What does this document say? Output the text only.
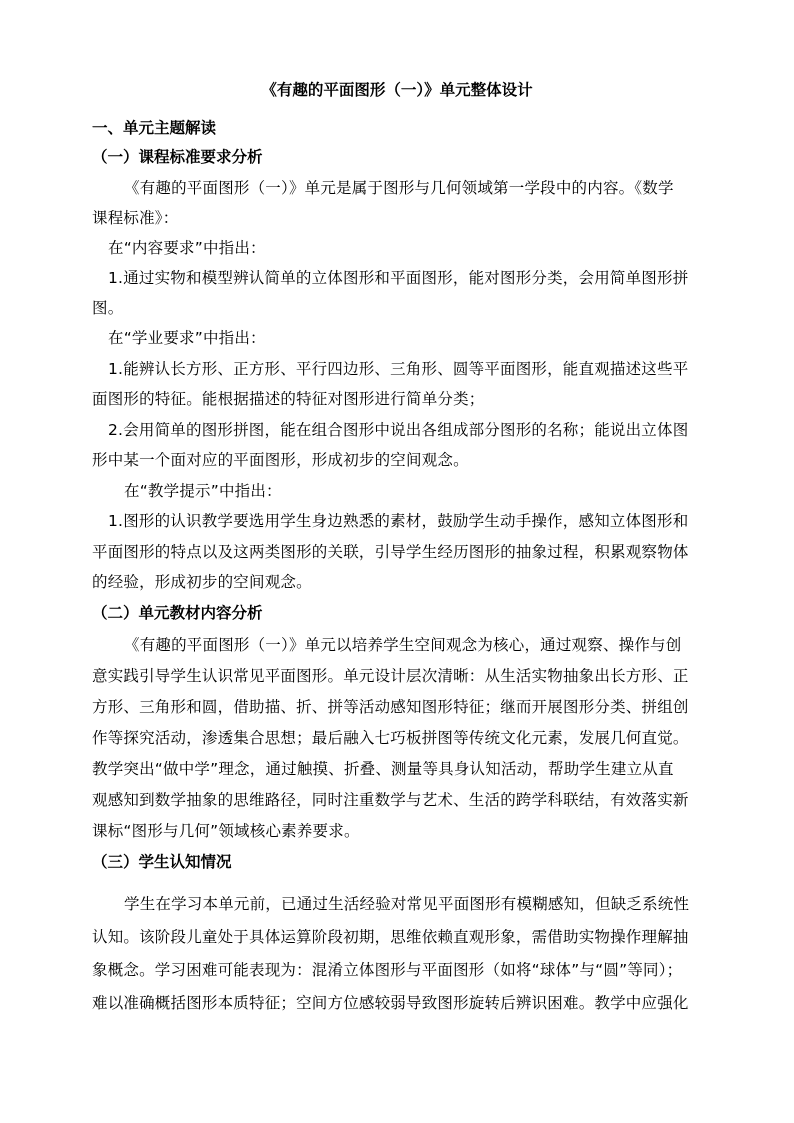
《有趣的平面图形（一）》单元整体设计
一、单元主题解读
（一）课程标准要求分析
《有趣的平面图形（一）》单元是属于图形与几何领域第一学段中的内容。《数学
课程标准》：
在“内容要求”中指出：
1.通过实物和模型辨认简单的立体图形和平面图形，能对图形分类，会用简单图形拼
图。
在“学业要求”中指出：
1.能辨认长方形、正方形、平行四边形、三角形、圆等平面图形，能直观描述这些平
面图形的特征。能根据描述的特征对图形进行简单分类；
2.会用简单的图形拼图，能在组合图形中说出各组成部分图形的名称；能说出立体图
形中某一个面对应的平面图形，形成初步的空间观念。
在“教学提示”中指出：
1.图形的认识教学要选用学生身边熟悉的素材，鼓励学生动手操作，感知立体图形和
平面图形的特点以及这两类图形的关联，引导学生经历图形的抽象过程，积累观察物体
的经验，形成初步的空间观念。
（二）单元教材内容分析
《有趣的平面图形（一）》单元以培养学生空间观念为核心，通过观察、操作与创
意实践引导学生认识常见平面图形。单元设计层次清晰：从生活实物抽象出长方形、正
方形、三角形和圆，借助描、折、拼等活动感知图形特征；继而开展图形分类、拼组创
作等探究活动，渗透集合思想；最后融入七巧板拼图等传统文化元素，发展几何直觉。
教学突出“做中学”理念，通过触摸、折叠、测量等具身认知活动，帮助学生建立从直
观感知到数学抽象的思维路径，同时注重数学与艺术、生活的跨学科联结，有效落实新
课标“图形与几何”领域核心素养要求。
（三）学生认知情况
学生在学习本单元前，已通过生活经验对常见平面图形有模糊感知，但缺乏系统性
认知。该阶段儿童处于具体运算阶段初期，思维依赖直观形象，需借助实物操作理解抽
象概念。学习困难可能表现为：混淆立体图形与平面图形（如将“球体”与“圆”等同）；
难以准确概括图形本质特征；空间方位感较弱导致图形旋转后辨识困难。教学中应强化
